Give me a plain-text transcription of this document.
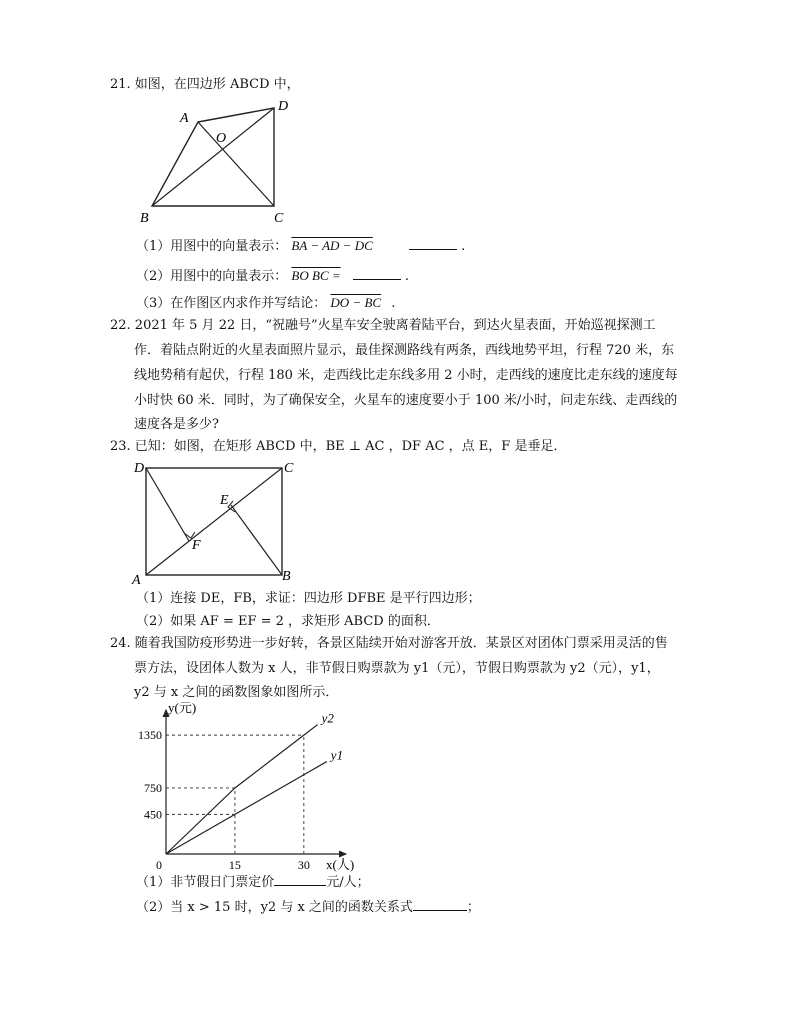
21. 如图，在四边形 ABCD 中，
A
D
O
B	C
（1）用图中的向量表示： BA − AD − DC	.
（2）用图中的向量表示： BO BC =	.
（3）在作图区内求作并写结论： DO − BC .
22. 2021 年 5 月 22 日，“祝融号”火星车安全驶离着陆平台，到达火星表面，开始巡视探测工
作．着陆点附近的火星表面照片显示，最佳探测路线有两条，西线地势平坦，行程 720 米，东
线地势稍有起伏，行程 180 米，走西线比走东线多用 2 小时，走西线的速度比走东线的速度每
小时快 60 米．同时，为了确保安全，火星车的速度要小于 100 米/小时，问走东线、走西线的
速度各是多少?
23. 已知：如图，在矩形 ABCD 中，BE ⊥ AC ，DF AC ，点 E，F 是垂足．
D	C
E
F
A	B
（1）连接 DE，FB，求证：四边形 DFBE 是平行四边形；
（2）如果 AF = EF = 2 ，求矩形 ABCD 的面积．
24. 随着我国防疫形势进一步好转，各景区陆续开始对游客开放．某景区对团体门票采用灵活的售
票方法，设团体人数为 x 人，非节假日购票款为 y1（元），节假日购票款为 y2（元），y1，
y2 与 x 之间的函数图象如图所示．
y1
y2
15	30
450
750
1350
0	x(人)
y(元)
（1）非节假日门票定价	元/人；
（2）当 x > 15 时，y2 与 x 之间的函数关系式	；
